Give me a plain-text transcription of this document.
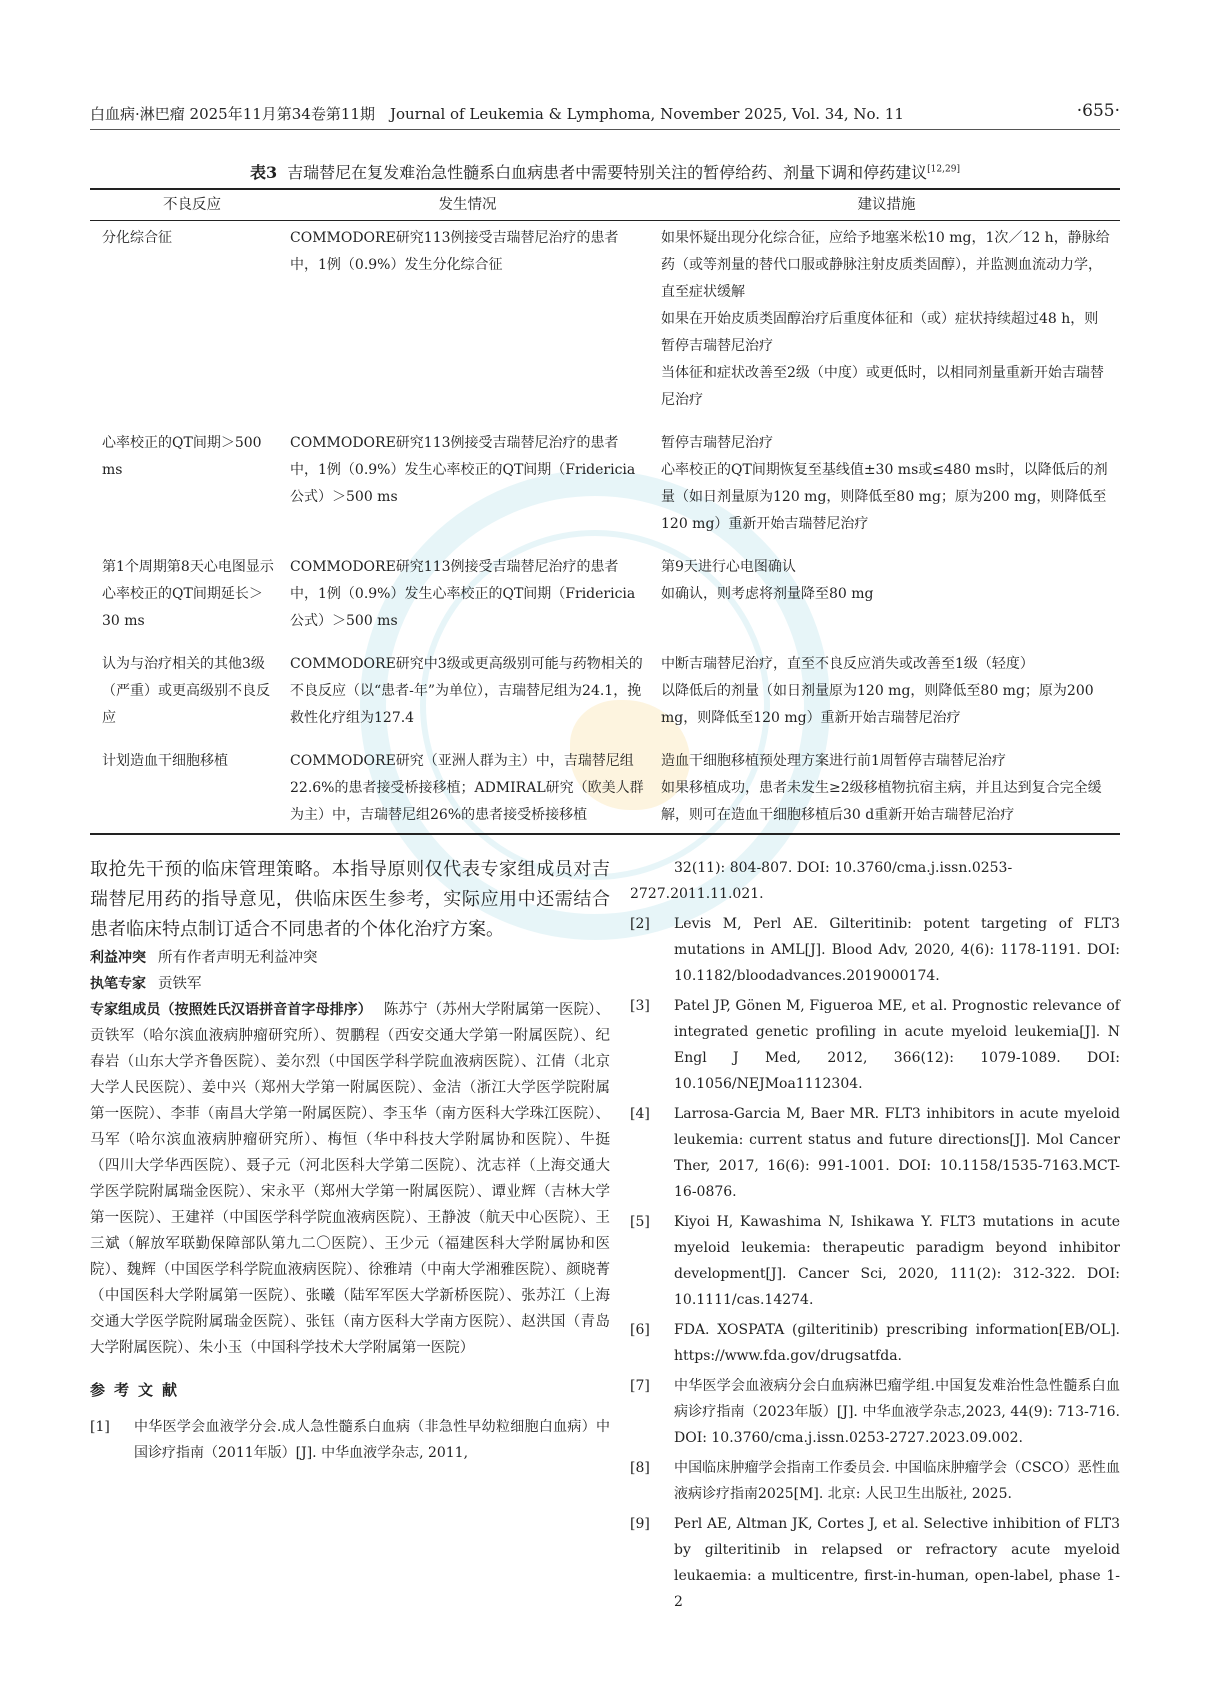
白血病·淋巴瘤 2025年11月第34卷第11期　Journal of Leukemia & Lymphoma, November 2025, Vol. 34, No. 11	·655·
表3 吉瑞替尼在复发难治急性髓系白血病患者中需要特别关注的暂停给药、剂量下调和停药建议[12,29]
不良反应	发生情况	建议措施
分化综合征	COMMODORE研究113例接受吉瑞替尼治疗的患者中，1例（0.9%）发生分化综合征	如果怀疑出现分化综合征，应给予地塞米松10 mg，1次／12 h，静脉给药（或等剂量的替代口服或静脉注射皮质类固醇），并监测血流动力学，直至症状缓解
如果在开始皮质类固醇治疗后重度体征和（或）症状持续超过48 h，则暂停吉瑞替尼治疗
当体征和症状改善至2级（中度）或更低时，以相同剂量重新开始吉瑞替尼治疗

心率校正的QT间期＞500 ms	COMMODORE研究113例接受吉瑞替尼治疗的患者中，1例（0.9%）发生心率校正的QT间期（Fridericia公式）＞500 ms	暂停吉瑞替尼治疗
心率校正的QT间期恢复至基线值±30 ms或≤480 ms时，以降低后的剂量（如日剂量原为120 mg，则降低至80 mg；原为200 mg，则降低至120 mg）重新开始吉瑞替尼治疗

第1个周期第8天心电图显示心率校正的QT间期延长＞30 ms	COMMODORE研究113例接受吉瑞替尼治疗的患者中，1例（0.9%）发生心率校正的QT间期（Fridericia公式）＞500 ms	第9天进行心电图确认
如确认，则考虑将剂量降至80 mg

认为与治疗相关的其他3级（严重）或更高级别不良反应	COMMODORE研究中3级或更高级别可能与药物相关的不良反应（以“患者-年”为单位），吉瑞替尼组为24.1，挽救性化疗组为127.4	中断吉瑞替尼治疗，直至不良反应消失或改善至1级（轻度）
以降低后的剂量（如日剂量原为120 mg，则降低至80 mg；原为200 mg，则降低至120 mg）重新开始吉瑞替尼治疗

计划造血干细胞移植	COMMODORE研究（亚洲人群为主）中，吉瑞替尼组22.6%的患者接受桥接移植；ADMIRAL研究（欧美人群为主）中，吉瑞替尼组26%的患者接受桥接移植	造血干细胞移植预处理方案进行前1周暂停吉瑞替尼治疗
如果移植成功，患者未发生≥2级移植物抗宿主病，并且达到复合完全缓解，则可在造血干细胞移植后30 d重新开始吉瑞替尼治疗

取抢先干预的临床管理策略。本指导原则仅代表专家组成员对吉瑞替尼用药的指导意见，供临床医生参考，实际应用中还需结合患者临床特点制订适合不同患者的个体化治疗方案。

利益冲突 所有作者声明无利益冲突

执笔专家 贡铁军

专家组成员（按照姓氏汉语拼音首字母排序） 陈苏宁（苏州大学附属第一医院）、贡铁军（哈尔滨血液病肿瘤研究所）、贺鹏程（西安交通大学第一附属医院）、纪春岩（山东大学齐鲁医院）、姜尔烈（中国医学科学院血液病医院）、江倩（北京大学人民医院）、姜中兴（郑州大学第一附属医院）、金洁（浙江大学医学院附属第一医院）、李菲（南昌大学第一附属医院）、李玉华（南方医科大学珠江医院）、马军（哈尔滨血液病肿瘤研究所）、梅恒（华中科技大学附属协和医院）、牛挺（四川大学华西医院）、聂子元（河北医科大学第二医院）、沈志祥（上海交通大学医学院附属瑞金医院）、宋永平（郑州大学第一附属医院）、谭业辉（吉林大学第一医院）、王建祥（中国医学科学院血液病医院）、王静波（航天中心医院）、王三斌（解放军联勤保障部队第九二〇医院）、王少元（福建医科大学附属协和医院）、魏辉（中国医学科学院血液病医院）、徐雅靖（中南大学湘雅医院）、颜晓菁（中国医科大学附属第一医院）、张曦（陆军军医大学新桥医院）、张苏江（上海交通大学医学院附属瑞金医院）、张钰（南方医科大学南方医院）、赵洪国（青岛大学附属医院）、朱小玉（中国科学技术大学附属第一医院）

参考文献
[1]	中华医学会血液学分会.成人急性髓系白血病（非急性早幼粒细胞白血病）中国诊疗指南（2011年版）[J]. 中华血液学杂志, 2011,
32(11): 804-807. DOI: 10.3760/cma.j.issn.0253-2727.2011.11.021.
[2]	Levis M, Perl AE. Gilteritinib: potent targeting of FLT3 mutations in AML[J]. Blood Adv, 2020, 4(6): 1178-1191. DOI: 10.1182/bloodadvances.2019000174.
[3]	Patel JP, Gönen M, Figueroa ME, et al. Prognostic relevance of integrated genetic profiling in acute myeloid leukemia[J]. N Engl J Med, 2012, 366(12): 1079-1089. DOI: 10.1056/NEJMoa1112304.
[4]	Larrosa-Garcia M, Baer MR. FLT3 inhibitors in acute myeloid leukemia: current status and future directions[J]. Mol Cancer Ther, 2017, 16(6): 991-1001. DOI: 10.1158/1535-7163.MCT-16-0876.
[5]	Kiyoi H, Kawashima N, Ishikawa Y. FLT3 mutations in acute myeloid leukemia: therapeutic paradigm beyond inhibitor development[J]. Cancer Sci, 2020, 111(2): 312-322. DOI: 10.1111/cas.14274.
[6]	FDA. XOSPATA (gilteritinib) prescribing information[EB/OL]. https://www.fda.gov/drugsatfda.
[7]	中华医学会血液病分会白血病淋巴瘤学组.中国复发难治性急性髓系白血病诊疗指南（2023年版）[J]. 中华血液学杂志,2023, 44(9): 713-716. DOI: 10.3760/cma.j.issn.0253-2727.2023.09.002.
[8]	中国临床肿瘤学会指南工作委员会. 中国临床肿瘤学会（CSCO）恶性血液病诊疗指南2025[M]. 北京: 人民卫生出版社, 2025.
[9]	Perl AE, Altman JK, Cortes J, et al. Selective inhibition of FLT3 by gilteritinib in relapsed or refractory acute myeloid leukaemia: a multicentre, first-in-human, open-label, phase 1-2
